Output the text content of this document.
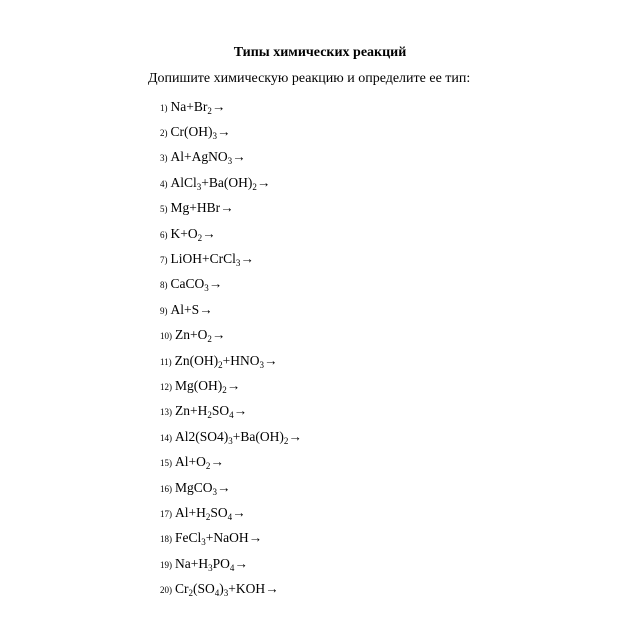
Типы химических реакций
Допишите химическую реакцию и определите ее тип:
1) $Na+Br_2\to$
2) $Cr(OH)_3\to$
3) Al+AgNO$_3$→
4) $AlCl_3+Ba(OH)_2\to$
5) Mg+HBr→
6) $K+O_2\to$
7) LiOH+CrCl$_3$→
8) CaCO$_3$→
9) Al+S→
10) $Zn+O_2\to$
11) $Zn(OH)_2+HNO_3\to$
12) $Mg(OH)_2\to$
13) $Zn+H_2SO_4\to$
14) $Al2(SO4)_3+Ba(OH)_2\to$
15) $Al+O_2\to$
16) MgCO$_3$→
17) $Al+H_2SO_4\to$
18) FeCl$_3$+NaOH→
19) $Na+H_3PO_4\to$
20) $Cr_2(SO_4)_3+KOH\to$
